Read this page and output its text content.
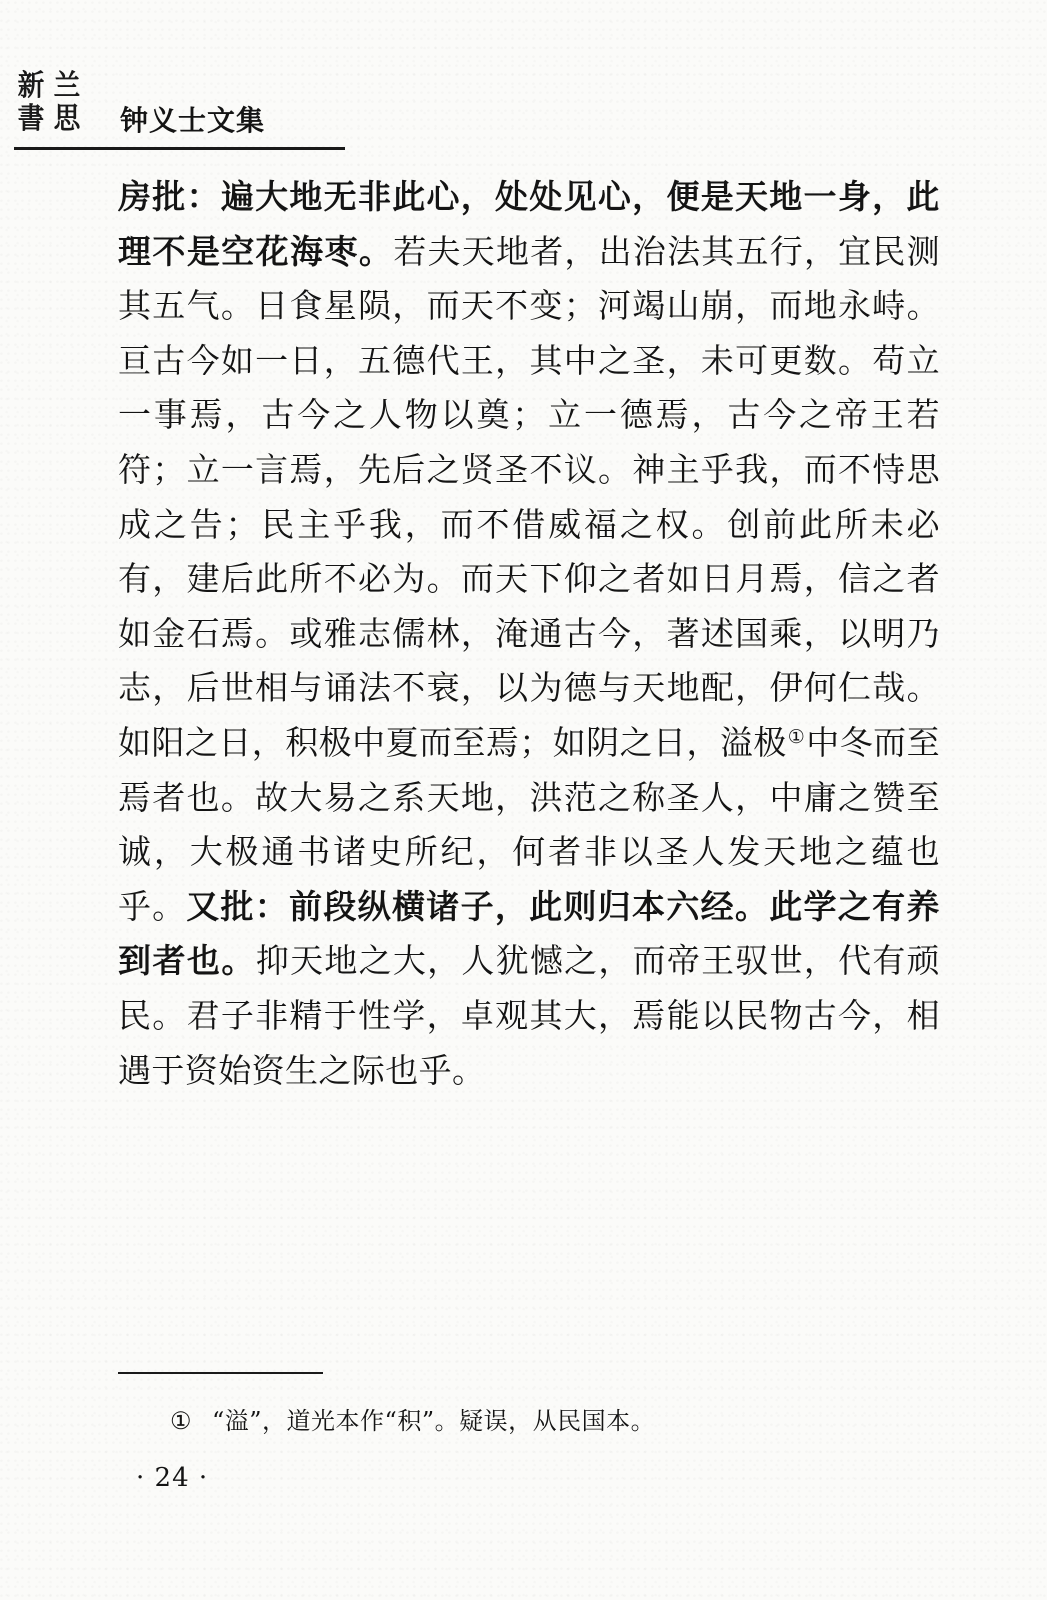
新 兰
書 思 钟义士文集

房批：遍大地无非此心，处处见心，便是天地一身，此理不是空花海枣。若夫天地者，出治法其五行，宜民测其五气。日食星陨，而天不变；河竭山崩，而地永峙。亘古今如一日，五德代王，其中之圣，未可更数。苟立一事焉，古今之人物以奠；立一德焉，古今之帝王若符；立一言焉，先后之贤圣不议。神主乎我，而不恃思成之告；民主乎我，而不借威福之权。创前此所未必有，建后此所不必为。而天下仰之者如日月焉，信之者如金石焉。或雅志儒林，淹通古今，著述国乘，以明乃志，后世相与诵法不衰，以为德与天地配，伊何仁哉。如阳之日，积极中夏而至焉；如阴之日，溢极①中冬而至焉者也。故大易之系天地，洪范之称圣人，中庸之赞至诚，大极通书诸史所纪，何者非以圣人发天地之蕴也乎。又批：前段纵横诸子，此则归本六经。此学之有养到者也。抑天地之大，人犹憾之，而帝王驭世，代有顽民。君子非精于性学，卓观其大，焉能以民物古今，相遇于资始资生之际也乎。

① “溢”，道光本作“积”。疑误，从民国本。

· 24 ·
